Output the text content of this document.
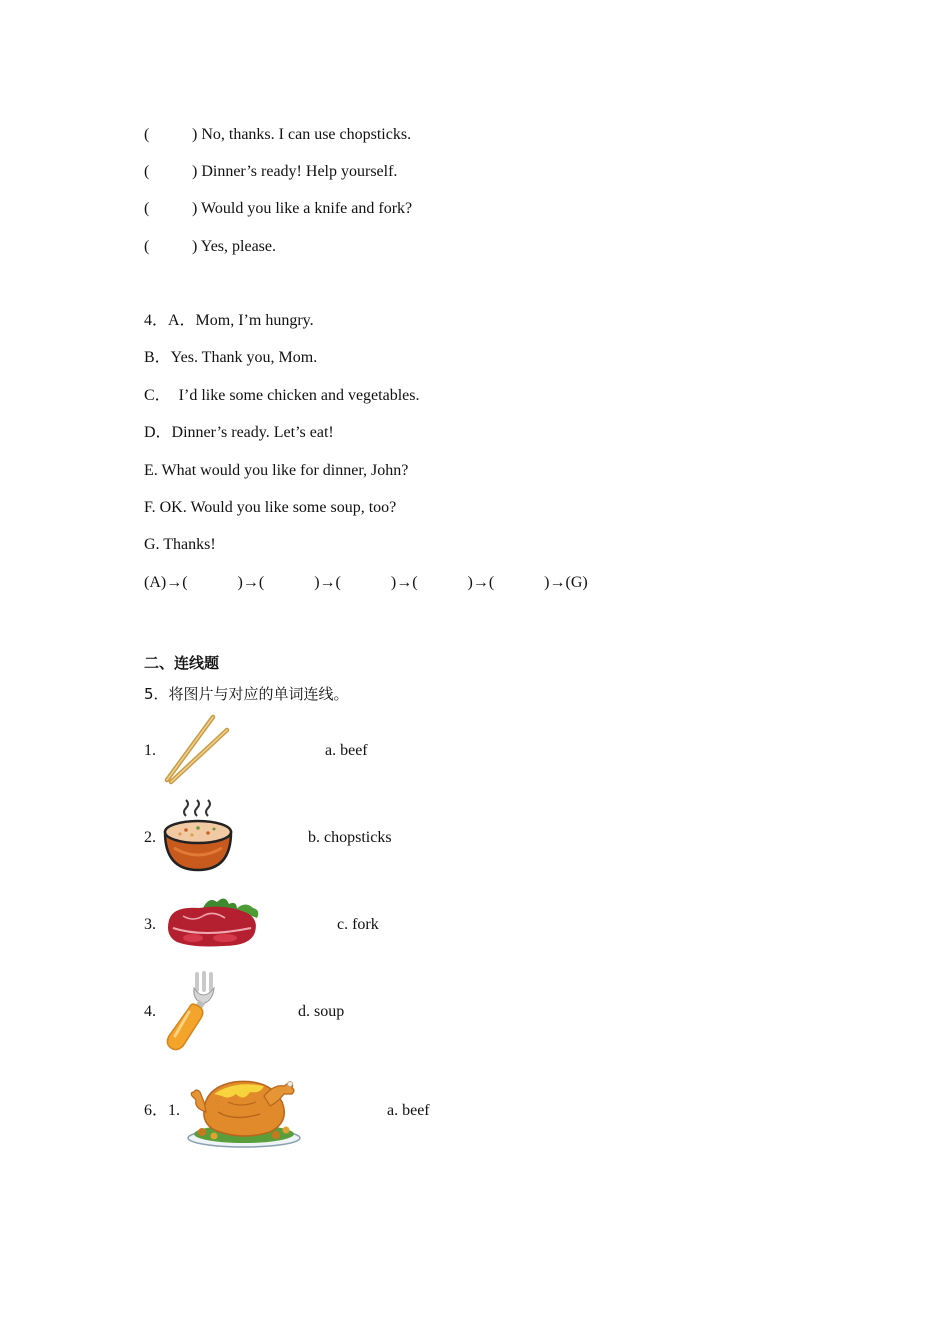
(	) No, thanks. I can use chopsticks.
(	) Dinner’s ready! Help yourself.
(	) Would you like a knife and fork?
(	) Yes, please.
4．A．Mom, I’m hungry.
B．Yes. Thank you, Mom.
C．  I’d like some chicken and vegetables.
D．Dinner’s ready. Let’s eat!
E. What would you like for dinner, John?
F. OK. Would you like some soup, too?
G. Thanks!
(A)→(	)→(	)→(	)→(	)→(	)→(G)
二、连线题
5．将图片与对应的单词连线。
1.	a. beef
2.	b. chopsticks
3.	c. fork
4.	d. soup
6．1.	a. beef
